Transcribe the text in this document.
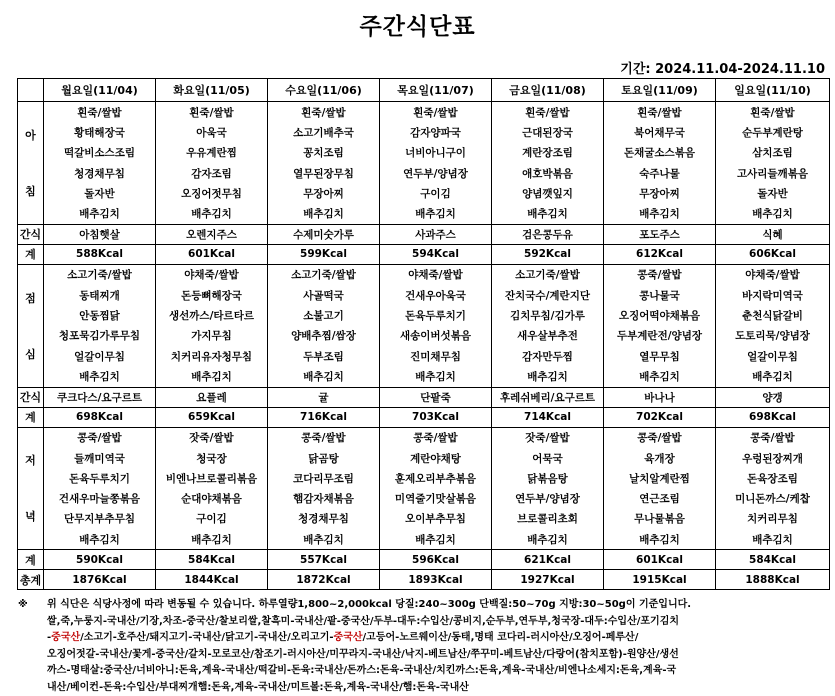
주간식단표
기간: 2024.11.04-2024.11.10
	월요일(11/04)	화요일(11/05)	수요일(11/06)	목요일(11/07)	금요일(11/08)	토요일(11/09)	일요일(11/10)

아
침	흰죽/쌀밥	흰죽/쌀밥	흰죽/쌀밥	흰죽/쌀밥	흰죽/쌀밥	흰죽/쌀밥	흰죽/쌀밥
	황태해장국	아욱국	소고기배추국	감자양파국	근대된장국	북어채무국	순두부계란탕
	떡갈비소스조림	우유계란찜	꽁치조림	너비아니구이	계란장조림	돈채굴소스볶음	삼치조림
	청경채무침	감자조림	열무된장무침	연두부/양념장	애호박볶음	숙주나물	고사리들깨볶음
	돌자반	오징어젓무침	무장아찌	구이김	양념깻잎지	무장아찌	돌자반
	배추김치	배추김치	배추김치	배추김치	배추김치	배추김치	배추김치
간식	아침햇살	오렌지주스	수제미숫가루	사과주스	검은콩두유	포도주스	식혜
계	588Kcal	601Kcal	599Kcal	594Kcal	592Kcal	612Kcal	606Kcal

점
심	소고기죽/쌀밥	야채죽/쌀밥	소고기죽/쌀밥	야채죽/쌀밥	소고기죽/쌀밥	콩죽/쌀밥	야채죽/쌀밥
	동태찌개	돈등뼈해장국	사골떡국	건새우아욱국	잔치국수/계란지단	콩나물국	바지락미역국
	안동찜닭	생선까스/타르타르	소불고기	돈육두루치기	김치무침/김가루	오징어떡야채볶음	춘천식닭갈비
	청포묵김가루무침	가지무침	양배추찜/쌈장	새송이버섯볶음	새우살부추전	두부계란전/양념장	도토리묵/양념장
	얼갈이무침	치커리유자청무침	두부조림	진미채무침	감자만두찜	열무무침	얼갈이무침
	배추김치	배추김치	배추김치	배추김치	배추김치	배추김치	배추김치
간식	쿠크다스/요구르트	요플레	귤	단팥죽	후레쉬베리/요구르트	바나나	양갱
계	698Kcal	659Kcal	716Kcal	703Kcal	714Kcal	702Kcal	698Kcal

저
녁	콩죽/쌀밥	잣죽/쌀밥	콩죽/쌀밥	콩죽/쌀밥	잣죽/쌀밥	콩죽/쌀밥	콩죽/쌀밥
	들깨미역국	청국장	닭곰탕	계란야채탕	어묵국	육개장	우렁된장찌개
	돈육두루치기	비엔나브로콜리볶음	코다리무조림	훈제오리부추볶음	닭볶음탕	날치알계란찜	돈육장조림
	건새우마늘쫑볶음	순대야채볶음	햄감자채볶음	미역줄기맛살볶음	연두부/양념장	연근조림	미니돈까스/케찹
	단무지부추무침	구이김	청경채무침	오이부추무침	브로콜리초회	무나물볶음	치커리무침
	배추김치	배추김치	배추김치	배추김치	배추김치	배추김치	배추김치
계	590Kcal	584Kcal	557Kcal	596Kcal	621Kcal	601Kcal	584Kcal
총계	1876Kcal	1844Kcal	1872Kcal	1893Kcal	1927Kcal	1915Kcal	1888Kcal
※ 위 식단은 식당사정에 따라 변동될 수 있습니다. 하루열량1,800~2,000kcal 당질:240~300g 단백질:50~70g 지방:30~50g이 기준입니다.

쌀,죽,누룽지-국내산/기장,차조-중국산/찰보리쌀,찰흑미-국내산/팥-중국산/두부-대두:수입산/콩비지,순두부,연두부,청국장-대두:수입산/포기김치

-중국산/소고기-호주산/돼지고기-국내산/닭고기-국내산/오리고기-중국산/고등어-노르웨이산/동태,명태 코다리-러시아산/오징어-페루산/

오징어젓갈-국내산/꽃게-중국산/갈치-모로코산/참조기-러시아산/미꾸라지-국내산/낙지-베트남산/쭈꾸미-베트남산/다랑어(참치포함)-원양산/생선

까스-명태살:중국산/너비아니:돈육,계육-국내산/떡갈비-돈육:국내산/돈까스:돈육-국내산/치킨까스:돈육,계육-국내산/비엔나소세지:돈육,계육-국

내산/베이컨-돈육:수입산/부대찌개햄:돈육,계육-국내산/미트볼:돈육,계육-국내산/햄:돈육-국내산
